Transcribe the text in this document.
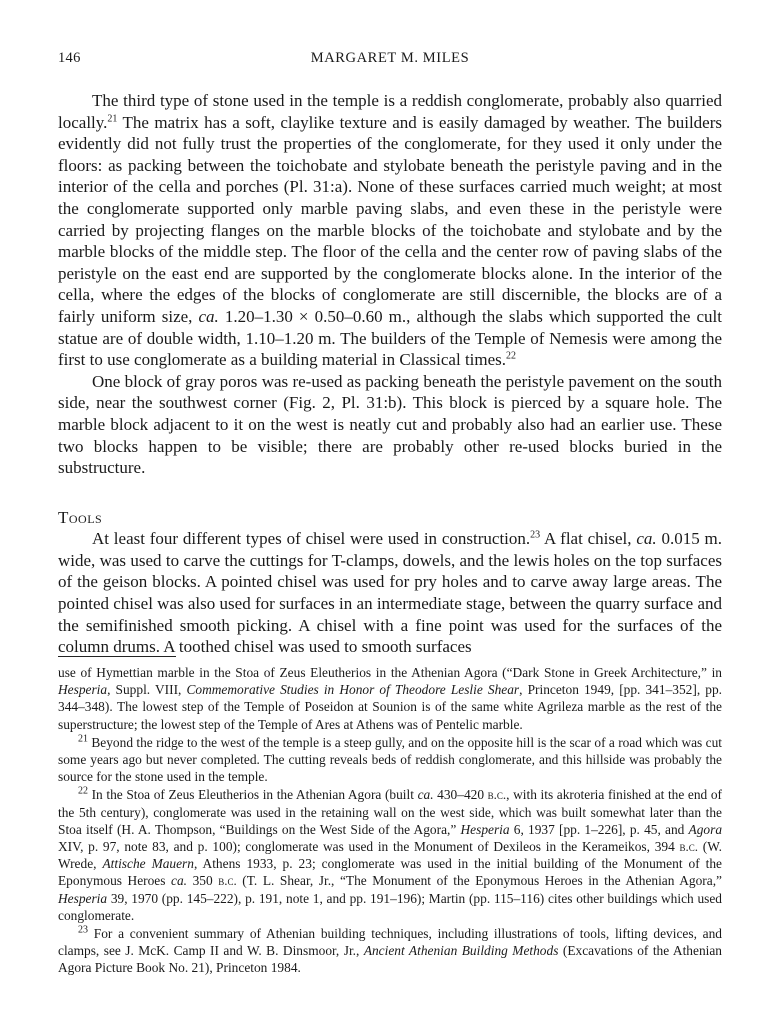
146	MARGARET M. MILES

The third type of stone used in the temple is a reddish conglomerate, probably also quarried locally.$^{21}$ The matrix has a soft, claylike texture and is easily damaged by weather. The builders evidently did not fully trust the properties of the conglomerate, for they used it only under the floors: as packing between the toichobate and stylobate beneath the peristyle paving and in the interior of the cella and porches (Pl. 31:a). None of these surfaces carried much weight; at most the conglomerate supported only marble paving slabs, and even these in the peristyle were carried by projecting flanges on the marble blocks of the toichobate and stylobate and by the marble blocks of the middle step. The floor of the cella and the center row of paving slabs of the peristyle on the east end are supported by the conglomerate blocks alone. In the interior of the cella, where the edges of the blocks of conglomerate are still discernible, the blocks are of a fairly uniform size, ca. 1.20–1.30 × 0.50–0.60 m., although the slabs which supported the cult statue are of double width, 1.10–1.20 m. The builders of the Temple of Nemesis were among the first to use conglomerate as a building material in Classical times.$^{22}$

One block of gray poros was re-used as packing beneath the peristyle pavement on the south side, near the southwest corner (Fig. 2, Pl. 31:b). This block is pierced by a square hole. The marble block adjacent to it on the west is neatly cut and probably also had an earlier use. These two blocks happen to be visible; there are probably other re-used blocks buried in the substructure.

Tools

At least four different types of chisel were used in construction.$^{23}$ A flat chisel, ca. 0.015 m. wide, was used to carve the cuttings for T-clamps, dowels, and the lewis holes on the top surfaces of the geison blocks. A pointed chisel was used for pry holes and to carve away large areas. The pointed chisel was also used for surfaces in an intermediate stage, between the quarry surface and the semifinished smooth picking. A chisel with a fine point was used for the surfaces of the column drums. A toothed chisel was used to smooth surfaces

use of Hymettian marble in the Stoa of Zeus Eleutherios in the Athenian Agora (“Dark Stone in Greek Architecture,” in Hesperia, Suppl. VIII, Commemorative Studies in Honor of Theodore Leslie Shear, Princeton 1949, [pp. 341–352], pp. 344–348). The lowest step of the Temple of Poseidon at Sounion is of the same white Agrileza marble as the rest of the superstructure; the lowest step of the Temple of Ares at Athens was of Pentelic marble.

$^{21}$ Beyond the ridge to the west of the temple is a steep gully, and on the opposite hill is the scar of a road which was cut some years ago but never completed. The cutting reveals beds of reddish conglomerate, and this hillside was probably the source for the stone used in the temple.

$^{22}$ In the Stoa of Zeus Eleutherios in the Athenian Agora (built ca. 430–420 b.c., with its akroteria finished at the end of the 5th century), conglomerate was used in the retaining wall on the west side, which was built somewhat later than the Stoa itself (H. A. Thompson, “Buildings on the West Side of the Agora,” Hesperia 6, 1937 [pp. 1–226], p. 45, and Agora XIV, p. 97, note 83, and p. 100); conglomerate was used in the Monument of Dexileos in the Kerameikos, 394 b.c. (W. Wrede, Attische Mauern, Athens 1933, p. 23; conglomerate was used in the initial building of the Monument of the Eponymous Heroes ca. 350 b.c. (T. L. Shear, Jr., “The Monument of the Eponymous Heroes in the Athenian Agora,” Hesperia 39, 1970 (pp. 145–222), p. 191, note 1, and pp. 191–196); Martin (pp. 115–116) cites other buildings which used conglomerate.

$^{23}$ For a convenient summary of Athenian building techniques, including illustrations of tools, lifting devices, and clamps, see J. McK. Camp II and W. B. Dinsmoor, Jr., Ancient Athenian Building Methods (Excavations of the Athenian Agora Picture Book No. 21), Princeton 1984.
